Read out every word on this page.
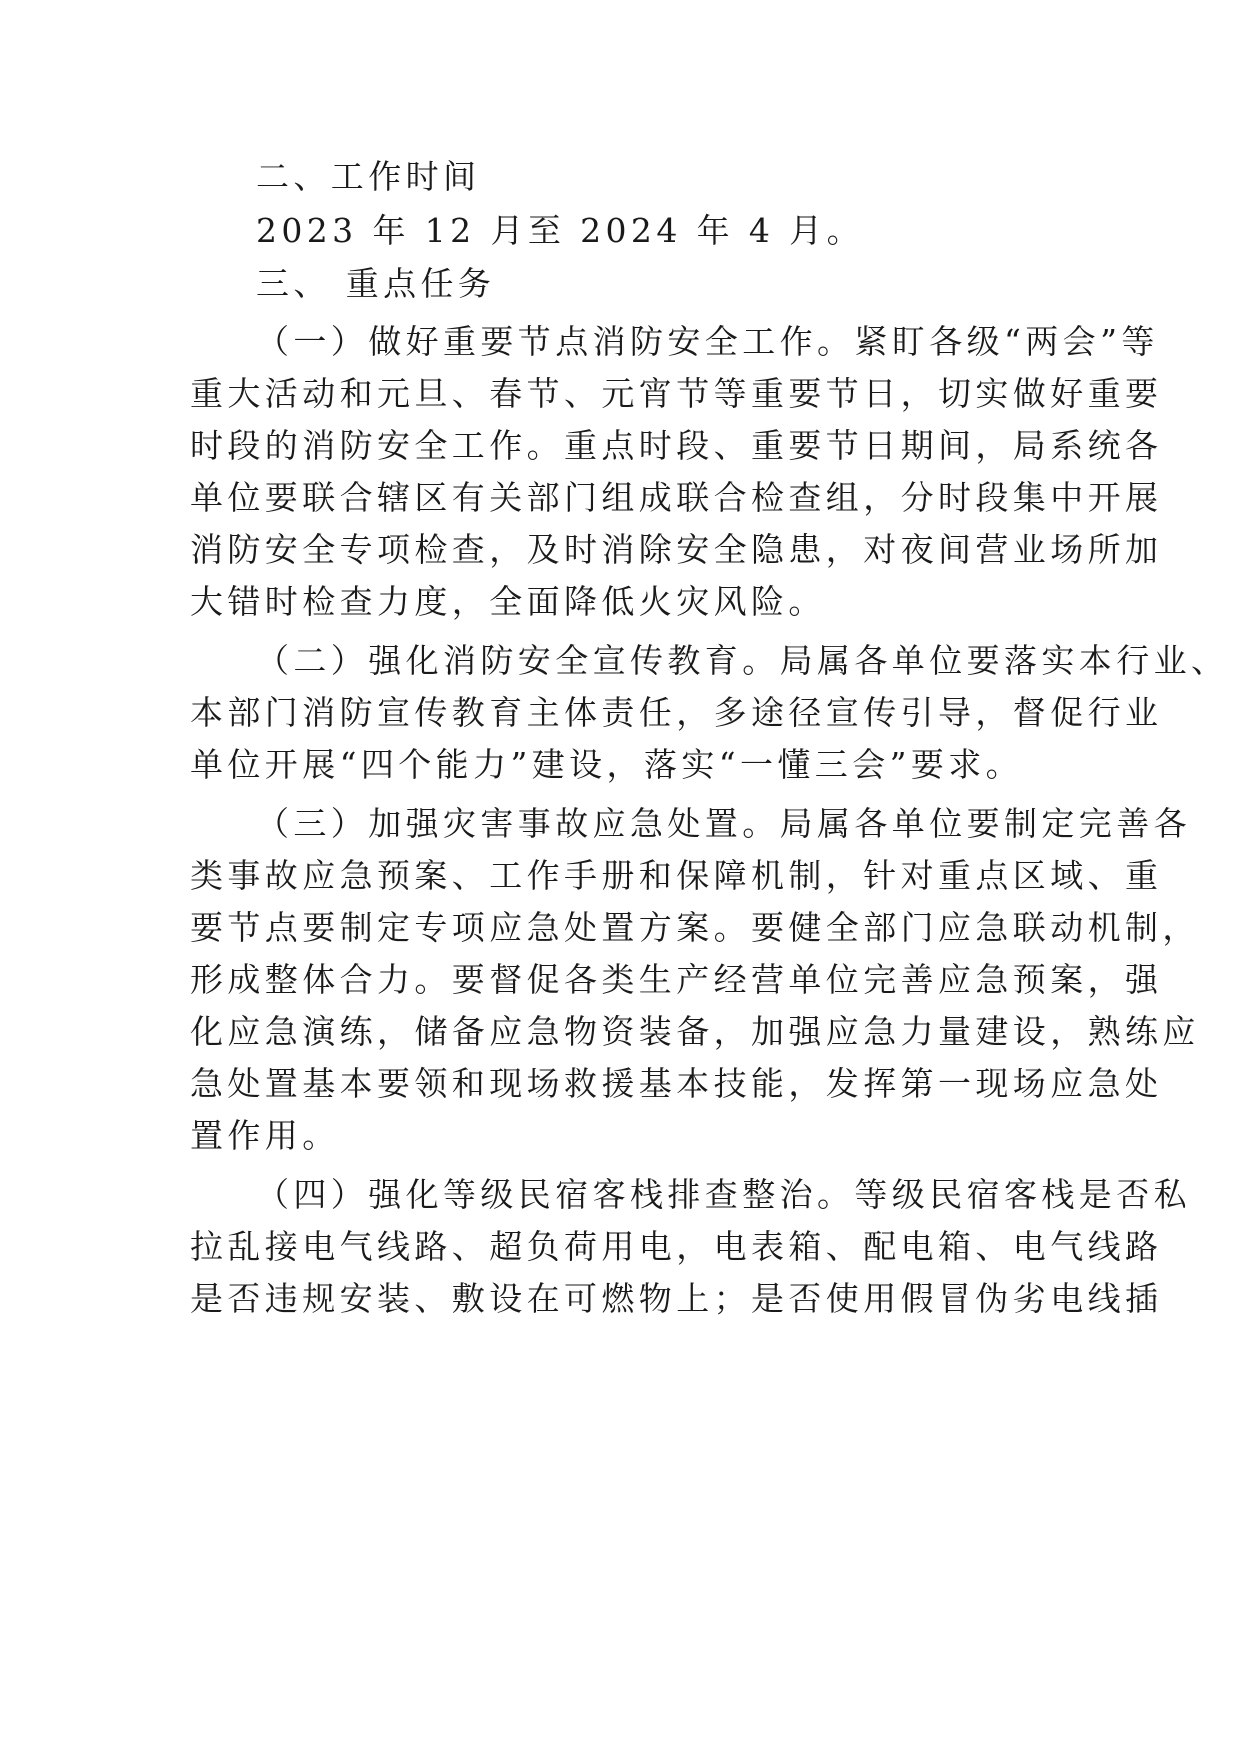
二、工作时间
2023 年 12 月至 2024 年 4 月。
三、 重点任务
（一）做好重要节点消防安全工作。紧盯各级“两会”等
重大活动和元旦、春节、元宵节等重要节日，切实做好重要
时段的消防安全工作。重点时段、重要节日期间，局系统各
单位要联合辖区有关部门组成联合检查组，分时段集中开展
消防安全专项检查，及时消除安全隐患，对夜间营业场所加
大错时检查力度，全面降低火灾风险。
（二）强化消防安全宣传教育。局属各单位要落实本行业、
本部门消防宣传教育主体责任，多途径宣传引导，督促行业
单位开展“四个能力”建设，落实“一懂三会”要求。
（三）加强灾害事故应急处置。局属各单位要制定完善各
类事故应急预案、工作手册和保障机制，针对重点区域、重
要节点要制定专项应急处置方案。要健全部门应急联动机制，
形成整体合力。要督促各类生产经营单位完善应急预案，强
化应急演练，储备应急物资装备，加强应急力量建设，熟练应
急处置基本要领和现场救援基本技能，发挥第一现场应急处
置作用。
（四）强化等级民宿客栈排查整治。等级民宿客栈是否私
拉乱接电气线路、超负荷用电，电表箱、配电箱、电气线路
是否违规安装、敷设在可燃物上；是否使用假冒伪劣电线插
